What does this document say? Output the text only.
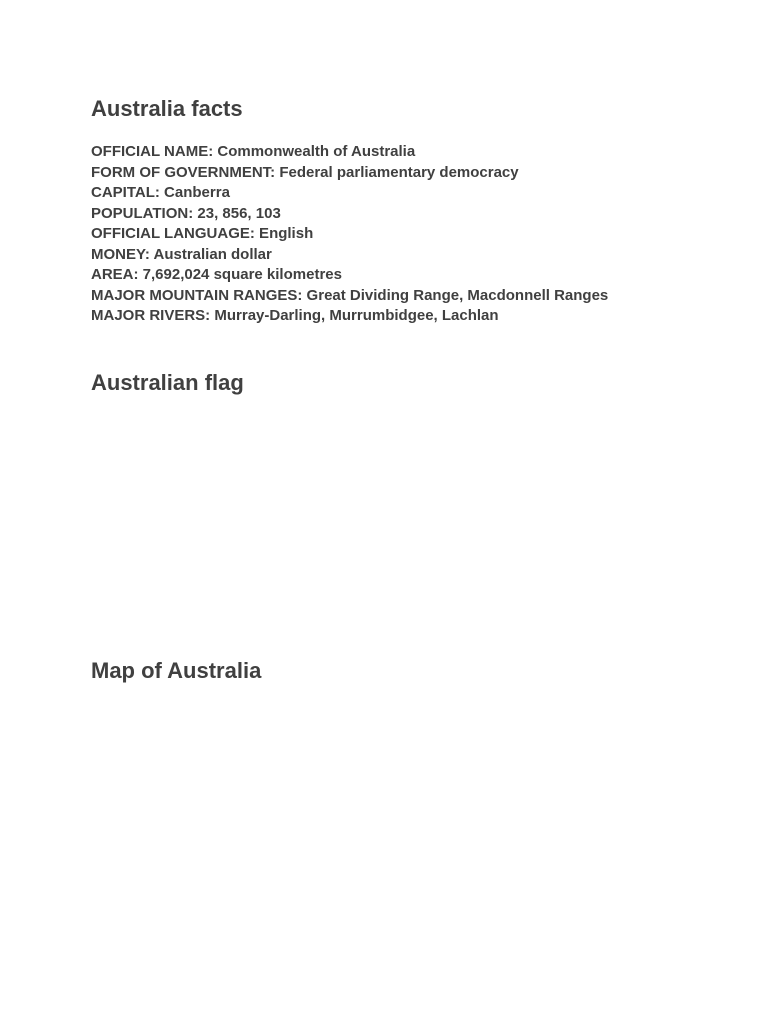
Australia facts
OFFICIAL NAME: Commonwealth of Australia
FORM OF GOVERNMENT: Federal parliamentary democracy
CAPITAL: Canberra
POPULATION: 23, 856, 103
OFFICIAL LANGUAGE: English
MONEY: Australian dollar
AREA: 7,692,024 square kilometres
MAJOR MOUNTAIN RANGES: Great Dividing Range, Macdonnell Ranges
MAJOR RIVERS: Murray-Darling, Murrumbidgee, Lachlan
Australian flag
Map of Australia
